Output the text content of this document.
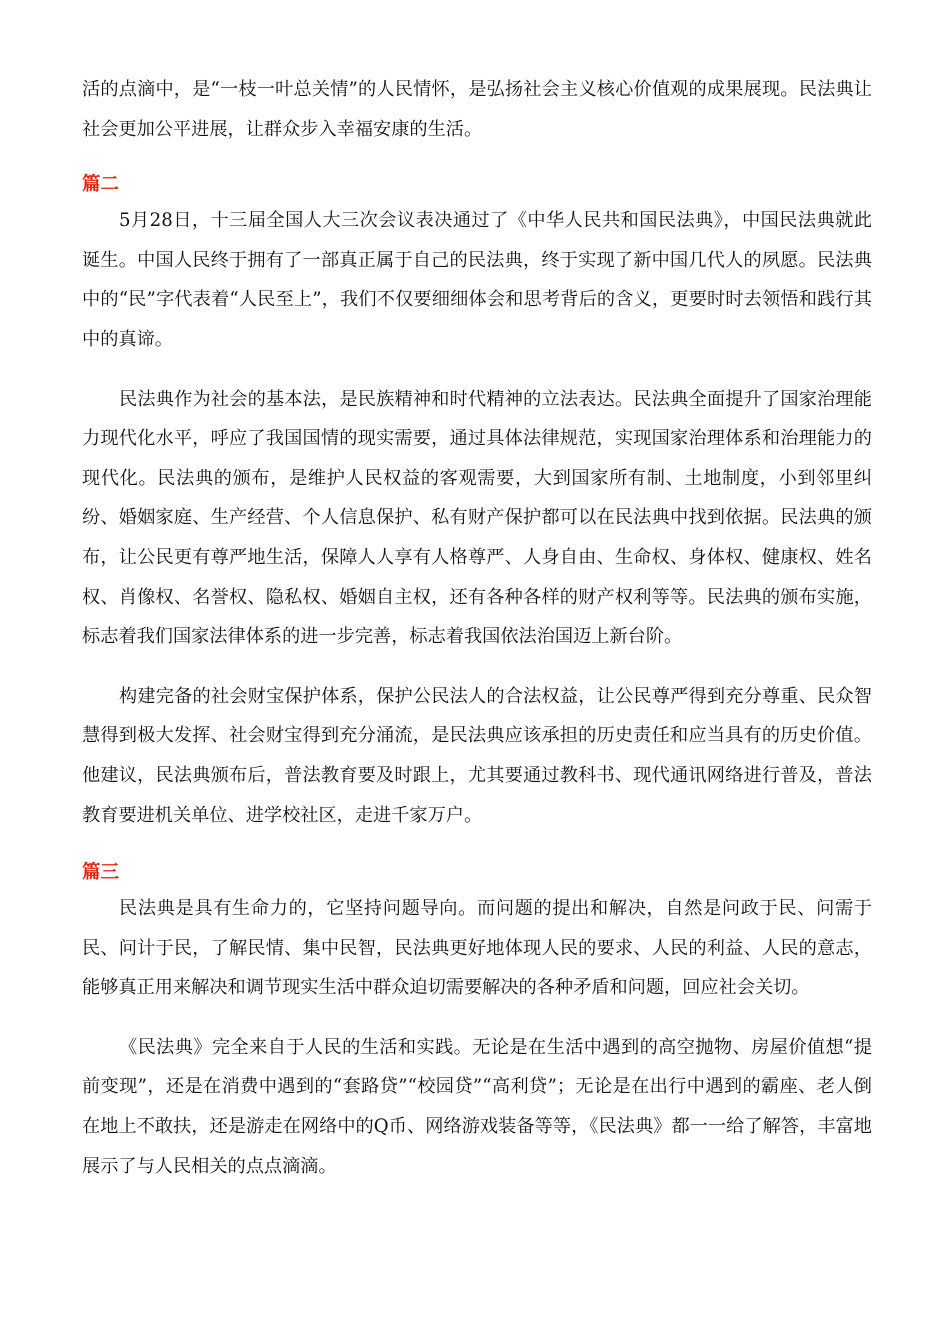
活的点滴中，是“一枝一叶总关情”的人民情怀，是弘扬社会主义核心价值观的成果展现。民法典让社会更加公平进展，让群众步入幸福安康的生活。

篇二

5月28日，十三届全国人大三次会议表决通过了《中华人民共和国民法典》，中国民法典就此诞生。中国人民终于拥有了一部真正属于自己的民法典，终于实现了新中国几代人的夙愿。民法典中的“民”字代表着“人民至上”，我们不仅要细细体会和思考背后的含义，更要时时去领悟和践行其中的真谛。

民法典作为社会的基本法，是民族精神和时代精神的立法表达。民法典全面提升了国家治理能力现代化水平，呼应了我国国情的现实需要，通过具体法律规范，实现国家治理体系和治理能力的现代化。民法典的颁布，是维护人民权益的客观需要，大到国家所有制、土地制度，小到邻里纠纷、婚姻家庭、生产经营、个人信息保护、私有财产保护都可以在民法典中找到依据。民法典的颁布，让公民更有尊严地生活，保障人人享有人格尊严、人身自由、生命权、身体权、健康权、姓名权、肖像权、名誉权、隐私权、婚姻自主权，还有各种各样的财产权利等等。民法典的颁布实施，标志着我们国家法律体系的进一步完善，标志着我国依法治国迈上新台阶。

构建完备的社会财宝保护体系，保护公民法人的合法权益，让公民尊严得到充分尊重、民众智慧得到极大发挥、社会财宝得到充分涌流，是民法典应该承担的历史责任和应当具有的历史价值。他建议，民法典颁布后，普法教育要及时跟上，尤其要通过教科书、现代通讯网络进行普及，普法教育要进机关单位、进学校社区，走进千家万户。

篇三

民法典是具有生命力的，它坚持问题导向。而问题的提出和解决，自然是问政于民、问需于民、问计于民，了解民情、集中民智，民法典更好地体现人民的要求、人民的利益、人民的意志，能够真正用来解决和调节现实生活中群众迫切需要解决的各种矛盾和问题，回应社会关切。

《民法典》完全来自于人民的生活和实践。无论是在生活中遇到的高空抛物、房屋价值想“提前变现”，还是在消费中遇到的“套路贷”“校园贷”“高利贷”；无论是在出行中遇到的霸座、老人倒在地上不敢扶，还是游走在网络中的Q币、网络游戏装备等等，《民法典》都一一给了解答，丰富地展示了与人民相关的点点滴滴。
